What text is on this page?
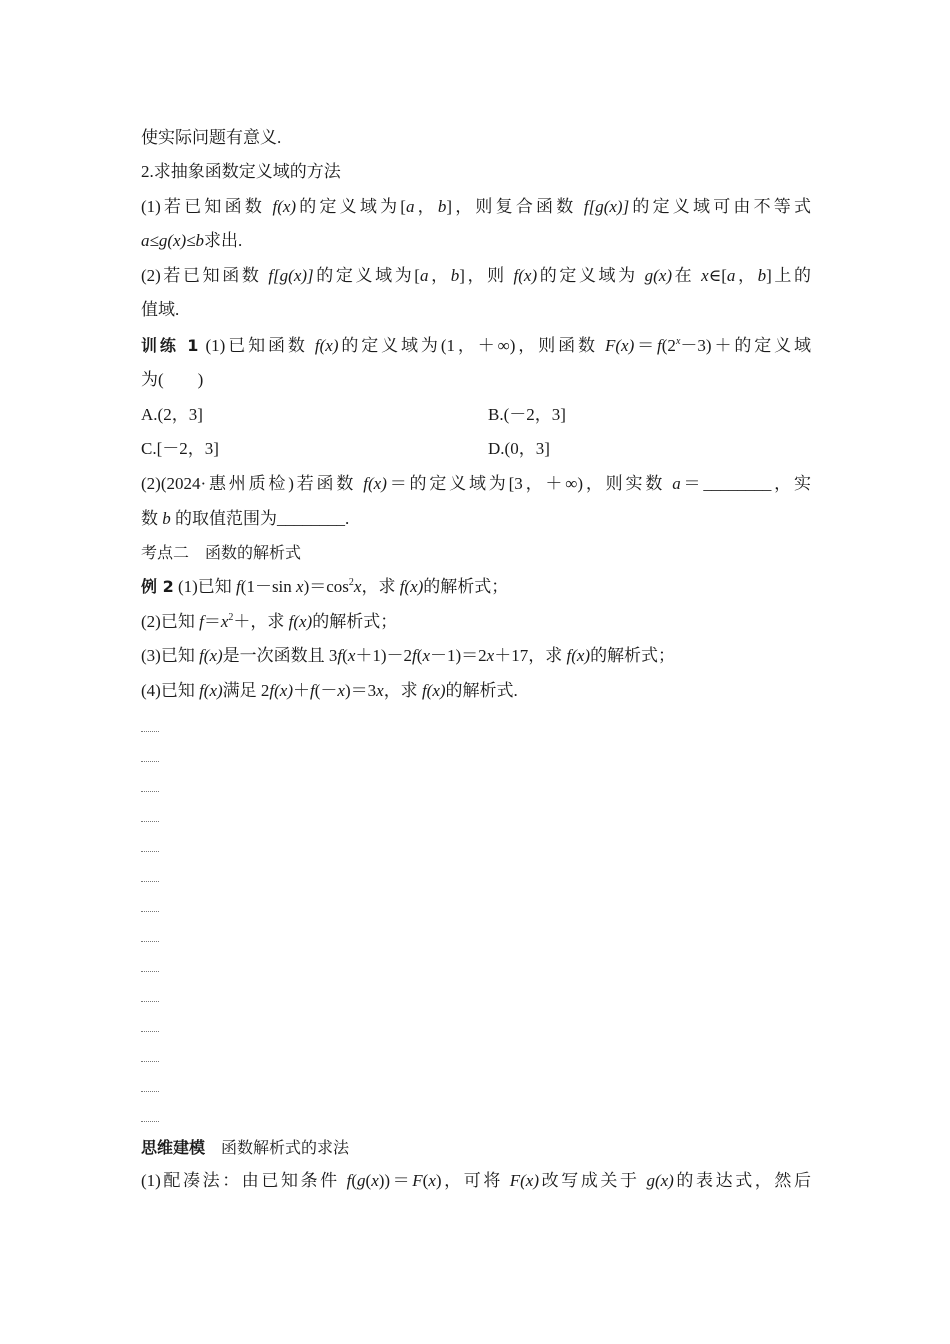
使实际问题有意义.
2.求抽象函数定义域的方法
(1)若已知函数 f(x)的定义域为[a，b]，则复合函数 f[g(x)]的定义域可由不等式
a≤g(x)≤b求出.
(2)若已知函数 f[g(x)]的定义域为[a，b]，则 f(x)的定义域为 g(x)在 x∈[a，b]上的
值域.
训练 1 (1)已知函数 f(x)的定义域为(1，＋∞)，则函数 $F(x)=f(2^x-3)+$的定义域
为(　　)
A.(2，3]	B.(－2，3]
C.[－2，3]	D.(0，3]
(2)(2024·惠州质检)若函数 f(x)＝的定义域为[3，＋∞)，则实数 a＝________，实
数 b 的取值范围为________.
考点二　函数的解析式
例 2 (1)已知 f(1－sin $x)=\cos^2x$，求 f(x)的解析式；
(2)已知 $f=x^2+$，求 f(x)的解析式；
(3)已知 f(x)是一次函数且 3f(x＋1)－2f(x－1)＝2x＋17，求 f(x)的解析式；
(4)已知 f(x)满足 2f(x)＋f(－x)＝3x，求 f(x)的解析式.
思维建模　函数解析式的求法
(1)配凑法：由已知条件 f(g(x))＝F(x)，可将 F(x)改写成关于 g(x)的表达式，然后
